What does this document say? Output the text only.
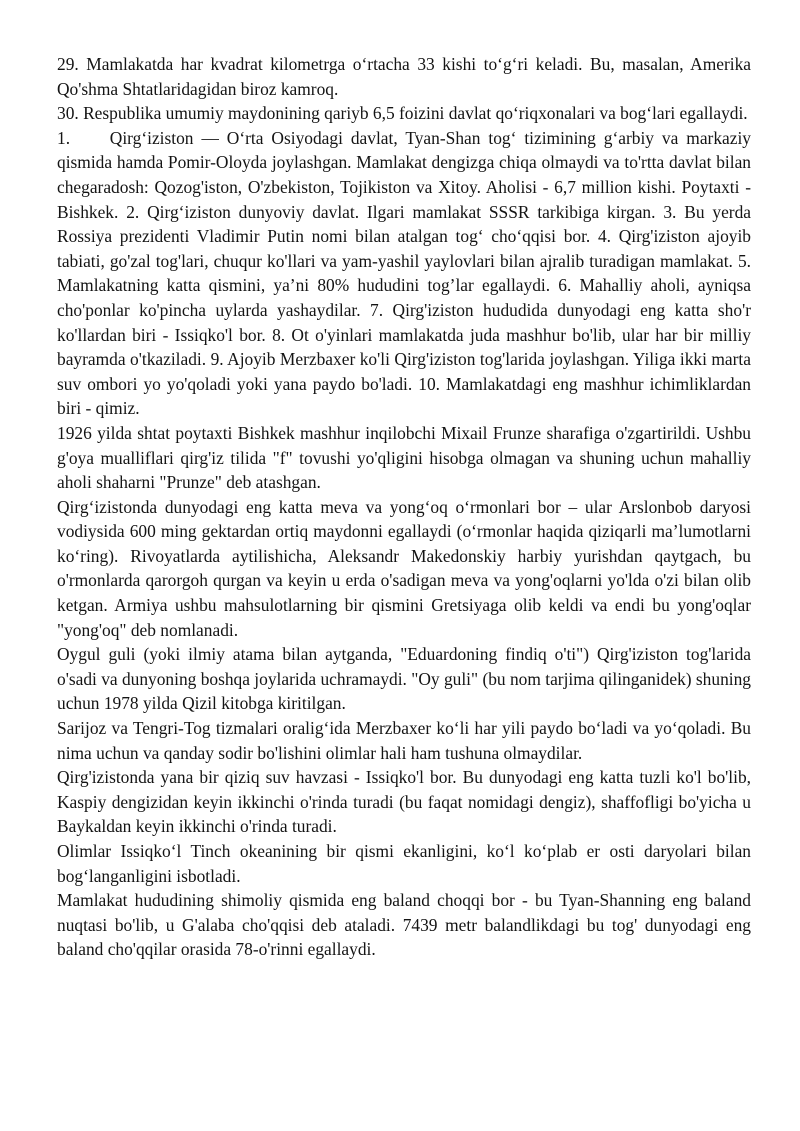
29. Mamlakatda har kvadrat kilometrga o‘rtacha 33 kishi to‘g‘ri keladi. Bu, masalan, Amerika Qo'shma Shtatlaridagidan biroz kamroq.

30. Respublika umumiy maydonining qariyb 6,5 foizini davlat qo‘riqxonalari va bog‘lari egallaydi.

1.     Qirg‘iziston — O‘rta Osiyodagi davlat, Tyan-Shan tog‘ tizimining g‘arbiy va markaziy qismida hamda Pomir-Oloyda joylashgan. Mamlakat dengizga chiqa olmaydi va to'rtta davlat bilan chegaradosh: Qozog'iston, O'zbekiston, Tojikiston va Xitoy. Aholisi - 6,7 million kishi. Poytaxti - Bishkek. 2. Qirg‘iziston dunyoviy davlat. Ilgari mamlakat SSSR tarkibiga kirgan. 3. Bu yerda Rossiya prezidenti Vladimir Putin nomi bilan atalgan tog‘ cho‘qqisi bor. 4. Qirg'iziston ajoyib tabiati, go'zal tog'lari, chuqur ko'llari va yam-yashil yaylovlari bilan ajralib turadigan mamlakat. 5. Mamlakatning katta qismini, ya’ni 80% hududini tog’lar egallaydi. 6. Mahalliy aholi, ayniqsa cho'ponlar ko'pincha uylarda yashaydilar. 7. Qirg'iziston hududida dunyodagi eng katta sho'r ko'llardan biri - Issiqko'l bor. 8. Ot o'yinlari mamlakatda juda mashhur bo'lib, ular har bir milliy bayramda o'tkaziladi. 9. Ajoyib Merzbaxer ko'li Qirg'iziston tog'larida joylashgan. Yiliga ikki marta suv ombori yo yo'qoladi yoki yana paydo bo'ladi. 10. Mamlakatdagi eng mashhur ichimliklardan biri - qimiz.

1926 yilda shtat poytaxti Bishkek mashhur inqilobchi Mixail Frunze sharafiga o'zgartirildi. Ushbu g'oya mualliflari qirg'iz tilida "f" tovushi yo'qligini hisobga olmagan va shuning uchun mahalliy aholi shaharni "Prunze" deb atashgan.

Qirg‘izistonda dunyodagi eng katta meva va yong‘oq o‘rmonlari bor – ular Arslonbob daryosi vodiysida 600 ming gektardan ortiq maydonni egallaydi (o‘rmonlar haqida qiziqarli ma’lumotlarni ko‘ring). Rivoyatlarda aytilishicha, Aleksandr Makedonskiy harbiy yurishdan qaytgach, bu o'rmonlarda qarorgoh qurgan va keyin u erda o'sadigan meva va yong'oqlarni yo'lda o'zi bilan olib ketgan. Armiya ushbu mahsulotlarning bir qismini Gretsiyaga olib keldi va endi bu yong'oqlar "yong'oq" deb nomlanadi.

Oygul guli (yoki ilmiy atama bilan aytganda, "Eduardoning findiq o'ti") Qirg'iziston tog'larida o'sadi va dunyoning boshqa joylarida uchramaydi. "Oy guli" (bu nom tarjima qilinganidek) shuning uchun 1978 yilda Qizil kitobga kiritilgan.

Sarijoz va Tengri-Tog tizmalari oralig‘ida Merzbaxer ko‘li har yili paydo bo‘ladi va yo‘qoladi. Bu nima uchun va qanday sodir bo'lishini olimlar hali ham tushuna olmaydilar.

Qirg'izistonda yana bir qiziq suv havzasi - Issiqko'l bor. Bu dunyodagi eng katta tuzli ko'l bo'lib, Kaspiy dengizidan keyin ikkinchi o'rinda turadi (bu faqat nomidagi dengiz), shaffofligi bo'yicha u Baykaldan keyin ikkinchi o'rinda turadi.

Olimlar Issiqko‘l Tinch okeanining bir qismi ekanligini, ko‘l ko‘plab er osti daryolari bilan bog‘langanligini isbotladi.

Mamlakat hududining shimoliy qismida eng baland choqqi bor - bu Tyan-Shanning eng baland nuqtasi bo'lib, u G'alaba cho'qqisi deb ataladi. 7439 metr balandlikdagi bu tog' dunyodagi eng baland cho'qqilar orasida 78-o'rinni egallaydi.
